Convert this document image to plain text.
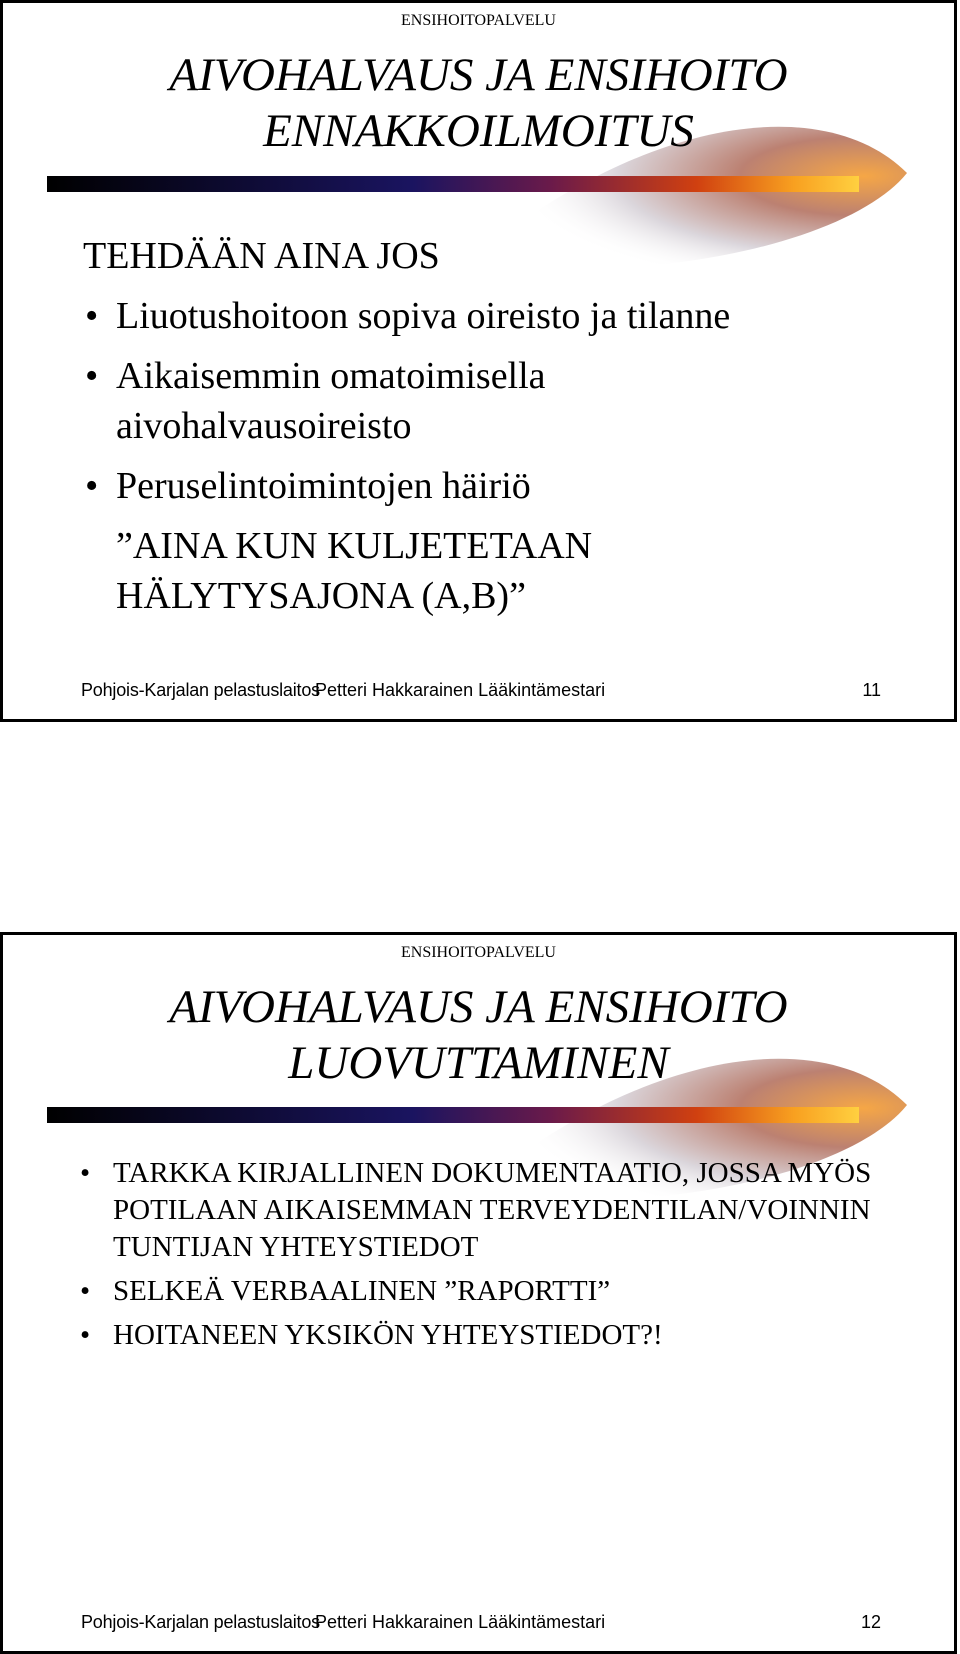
ENSIHOITOPALVELU
AIVOHALVAUS JA ENSIHOITO
ENNAKKOILMOITUS
TEHDÄÄN AINA JOS
• Liuotushoitoon sopiva oireisto ja tilanne
• Aikaisemmin omatoimisella aivohalvausoireisto
• Peruselintoimintojen häiriö
”AINA KUN KULJETETAAN
HÄLYTYSAJONA (A,B)”
Pohjois-Karjalan pelastuslaitosPetteri Hakkarainen Lääkintämestari	11
ENSIHOITOPALVELU
AIVOHALVAUS JA ENSIHOITO
LUOVUTTAMINEN
Pohjois-Karjalan pelastuslaitosPetteri Hakkarainen Lääkintämestari	12
• TARKKA KIRJALLINEN DOKUMENTAATIO, JOSSA MYÖS POTILAAN AIKAISEMMAN TERVEYDENTILAN/VOINNIN TUNTIJAN YHTEYSTIEDOT
• SELKEÄ VERBAALINEN ”RAPORTTI”
• HOITANEEN YKSIKÖN YHTEYSTIEDOT?!
